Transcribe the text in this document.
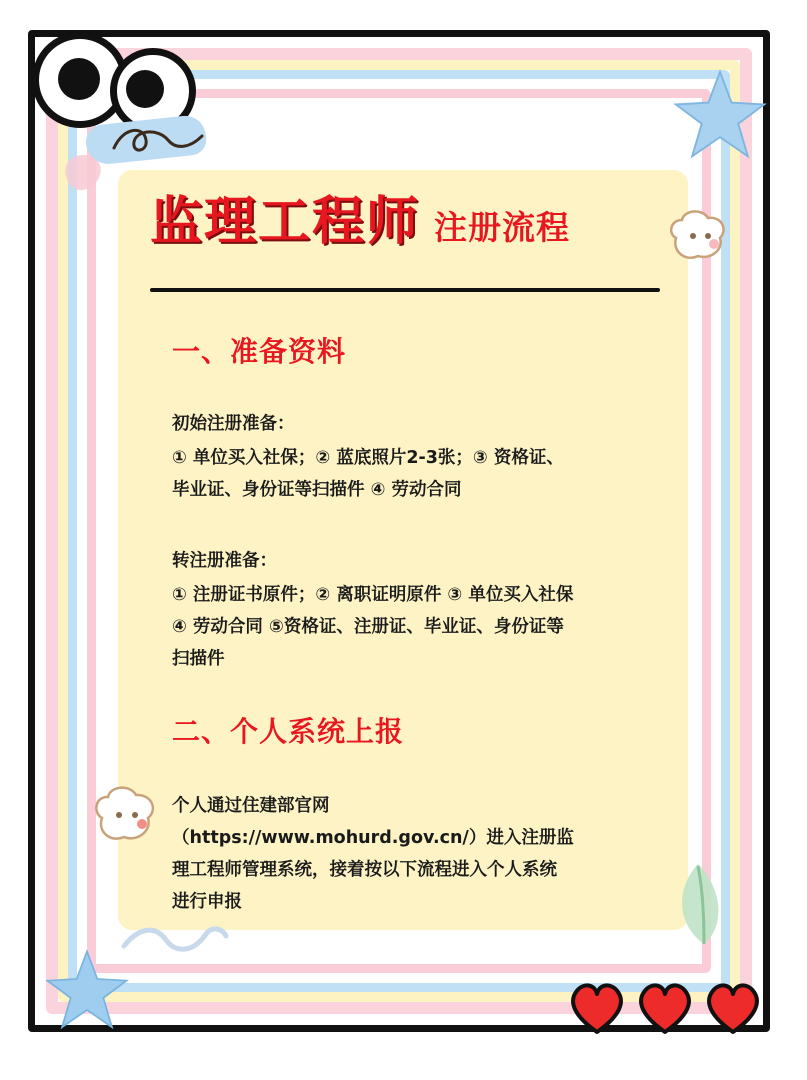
监理工程师 注册流程
一、准备资料

初始注册准备：

① 单位买入社保；② 蓝底照片2-3张；③ 资格证、

毕业证、身份证等扫描件 ④ 劳动合同

转注册准备：

① 注册证书原件；② 离职证明原件 ③ 单位买入社保

④ 劳动合同 ⑤资格证、注册证、毕业证、身份证等

扫描件

二、个人系统上报

个人通过住建部官网

（https://www.mohurd.gov.cn/）进入注册监

理工程师管理系统，接着按以下流程进入个人系统

进行申报
